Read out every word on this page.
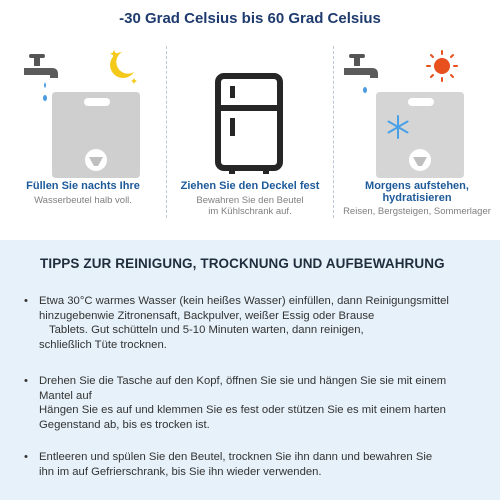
-30 Grad Celsius bis 60 Grad Celsius
Füllen Sie nachts Ihre
Wasserbeutel halb voll.
Ziehen Sie den Deckel fest
Bewahren Sie den Beutel
im Kühlschrank auf.
Morgens aufstehen,
hydratisieren
Reisen, Bergsteigen, Sommerlager
TIPPS ZUR REINIGUNG, TROCKNUNG UND AUFBEWAHRUNG
• Etwa 30°C warmes Wasser (kein heißes Wasser) einfüllen, dann Reinigungsmittel
hinzugebenwie Zitronensaft, Backpulver, weißer Essig oder Brause
Tablets. Gut schütteln und 5-10 Minuten warten, dann reinigen,
schließlich Tüte trocknen.
• Drehen Sie die Tasche auf den Kopf, öffnen Sie sie und hängen Sie sie mit einem
Mantel auf
Hängen Sie es auf und klemmen Sie es fest oder stützen Sie es mit einem harten
Gegenstand ab, bis es trocken ist.
• Entleeren und spülen Sie den Beutel, trocknen Sie ihn dann und bewahren Sie
ihn im auf Gefrierschrank, bis Sie ihn wieder verwenden.
